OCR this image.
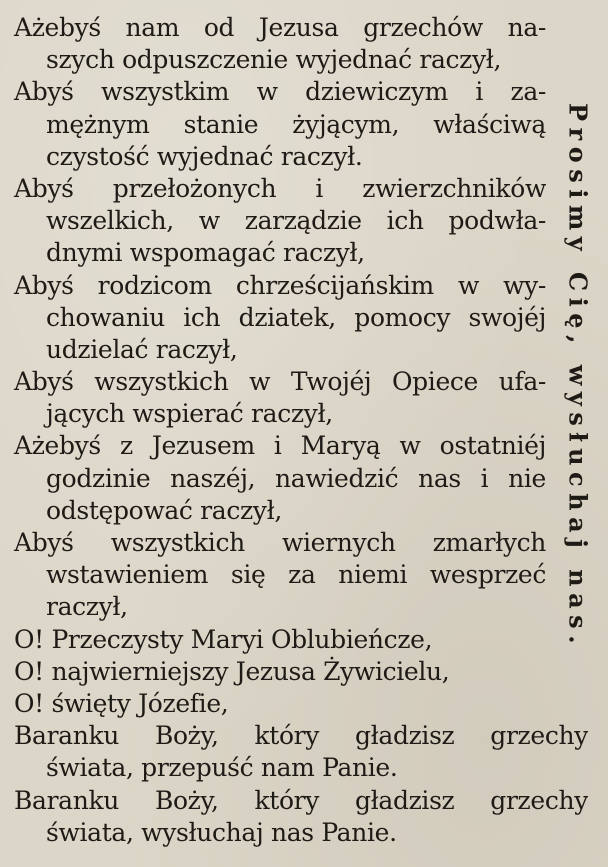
Ażebyś nam od Jezusa grzechów na-
szych odpuszczenie wyjednać raczył,
Abyś wszystkim w dziewiczym i za-
mężnym stanie żyjącym, właściwą
czystość wyjednać raczył.
Abyś przełożonych i zwierzchników
wszelkich, w zarządzie ich podwła-
dnymi wspomagać raczył,
Abyś rodzicom chrześcijańskim w wy-
chowaniu ich dziatek, pomocy swojéj
udzielać raczył,
Abyś wszystkich w Twojéj Opiece ufa-
jących wspierać raczył,
Ażebyś z Jezusem i Maryą w ostatniéj
godzinie naszéj, nawiedzić nas i nie
odstępować raczył,
Abyś wszystkich wiernych zmarłych
wstawieniem się za niemi wesprzeć
raczył,
O! Przeczysty Maryi Oblubieńcze,
O! najwierniejszy Jezusa Żywicielu,
O! święty Józefie,
Baranku Boży, który gładzisz grzechy
świata, przepuść nam Panie.
Baranku Boży, który gładzisz grzechy
świata, wysłuchaj nas Panie.
Prosimy Cię, wysłuchaj nas.
